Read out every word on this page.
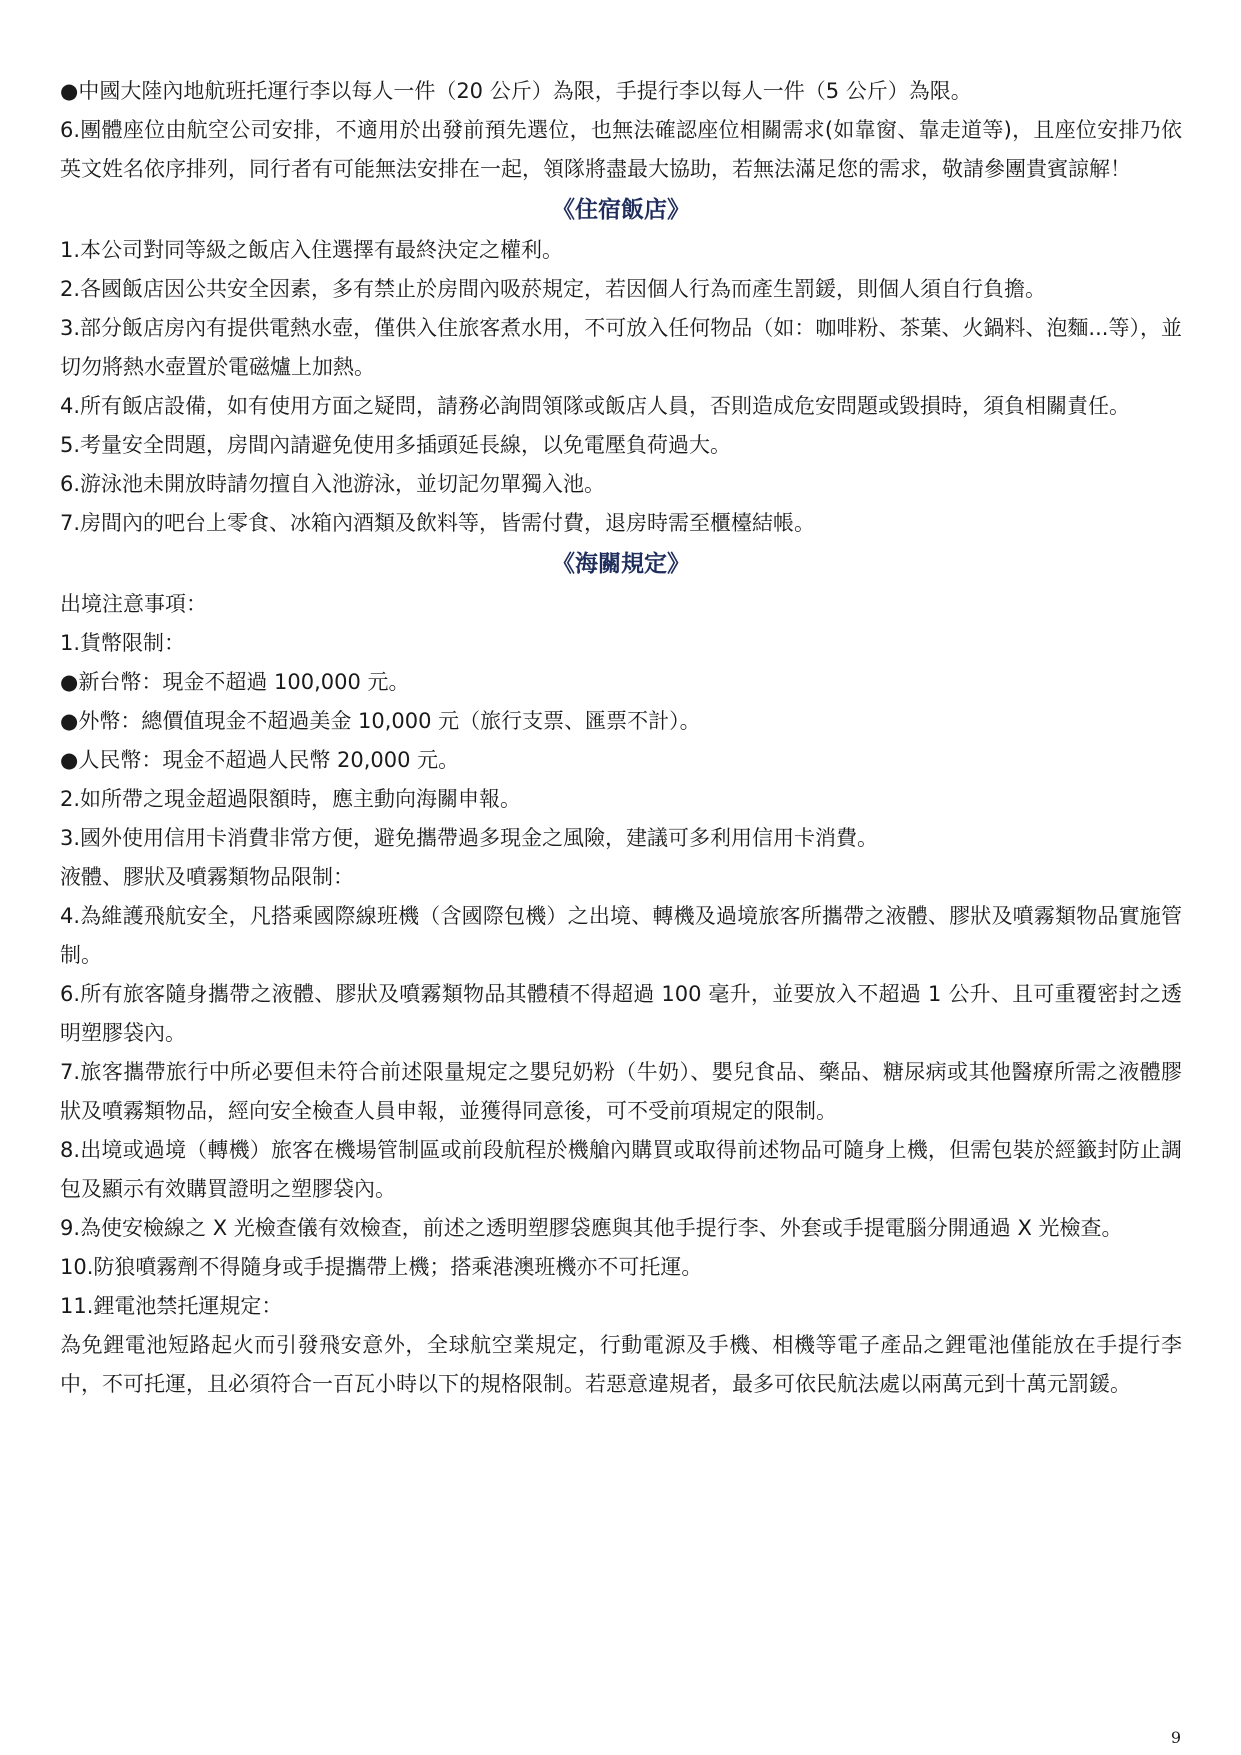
●中國大陸內地航班托運行李以每人一件（20 公斤）為限，手提行李以每人一件（5 公斤）為限。

6.團體座位由航空公司安排，不適用於出發前預先選位，也無法確認座位相關需求(如靠窗、靠走道等)，且座位安排乃依英文姓名依序排列，同行者有可能無法安排在一起，領隊將盡最大協助，若無法滿足您的需求，敬請參團貴賓諒解！

《住宿飯店》

1.本公司對同等級之飯店入住選擇有最終決定之權利。

2.各國飯店因公共安全因素，多有禁止於房間內吸菸規定，若因個人行為而產生罰鍰，則個人須自行負擔。

3.部分飯店房內有提供電熱水壺，僅供入住旅客煮水用，不可放入任何物品（如：咖啡粉、茶葉、火鍋料、泡麵...等），並切勿將熱水壺置於電磁爐上加熱。

4.所有飯店設備，如有使用方面之疑問，請務必詢問領隊或飯店人員，否則造成危安問題或毀損時，須負相關責任。

5.考量安全問題，房間內請避免使用多插頭延長線，以免電壓負荷過大。

6.游泳池未開放時請勿擅自入池游泳，並切記勿單獨入池。

7.房間內的吧台上零食、冰箱內酒類及飲料等，皆需付費，退房時需至櫃檯結帳。

《海關規定》

出境注意事項：

1.貨幣限制：

●新台幣：現金不超過 100,000 元。

●外幣：總價值現金不超過美金 10,000 元（旅行支票、匯票不計）。

●人民幣：現金不超過人民幣 20,000 元。

2.如所帶之現金超過限額時，應主動向海關申報。

3.國外使用信用卡消費非常方便，避免攜帶過多現金之風險，建議可多利用信用卡消費。

液體、膠狀及噴霧類物品限制：

4.為維護飛航安全，凡搭乘國際線班機（含國際包機）之出境、轉機及過境旅客所攜帶之液體、膠狀及噴霧類物品實施管制。

6.所有旅客隨身攜帶之液體、膠狀及噴霧類物品其體積不得超過 100 毫升，並要放入不超過 1 公升、且可重覆密封之透明塑膠袋內。

7.旅客攜帶旅行中所必要但未符合前述限量規定之嬰兒奶粉（牛奶）、嬰兒食品、藥品、糖尿病或其他醫療所需之液體膠狀及噴霧類物品，經向安全檢查人員申報，並獲得同意後，可不受前項規定的限制。

8.出境或過境（轉機）旅客在機場管制區或前段航程於機艙內購買或取得前述物品可隨身上機，但需包裝於經籤封防止調包及顯示有效購買證明之塑膠袋內。

9.為使安檢線之 X 光檢查儀有效檢查，前述之透明塑膠袋應與其他手提行李、外套或手提電腦分開通過 X 光檢查。

10.防狼噴霧劑不得隨身或手提攜帶上機；搭乘港澳班機亦不可托運。

11.鋰電池禁托運規定：

為免鋰電池短路起火而引發飛安意外，全球航空業規定，行動電源及手機、相機等電子產品之鋰電池僅能放在手提行李中，不可托運，且必須符合一百瓦小時以下的規格限制。若惡意違規者，最多可依民航法處以兩萬元到十萬元罰鍰。

9
